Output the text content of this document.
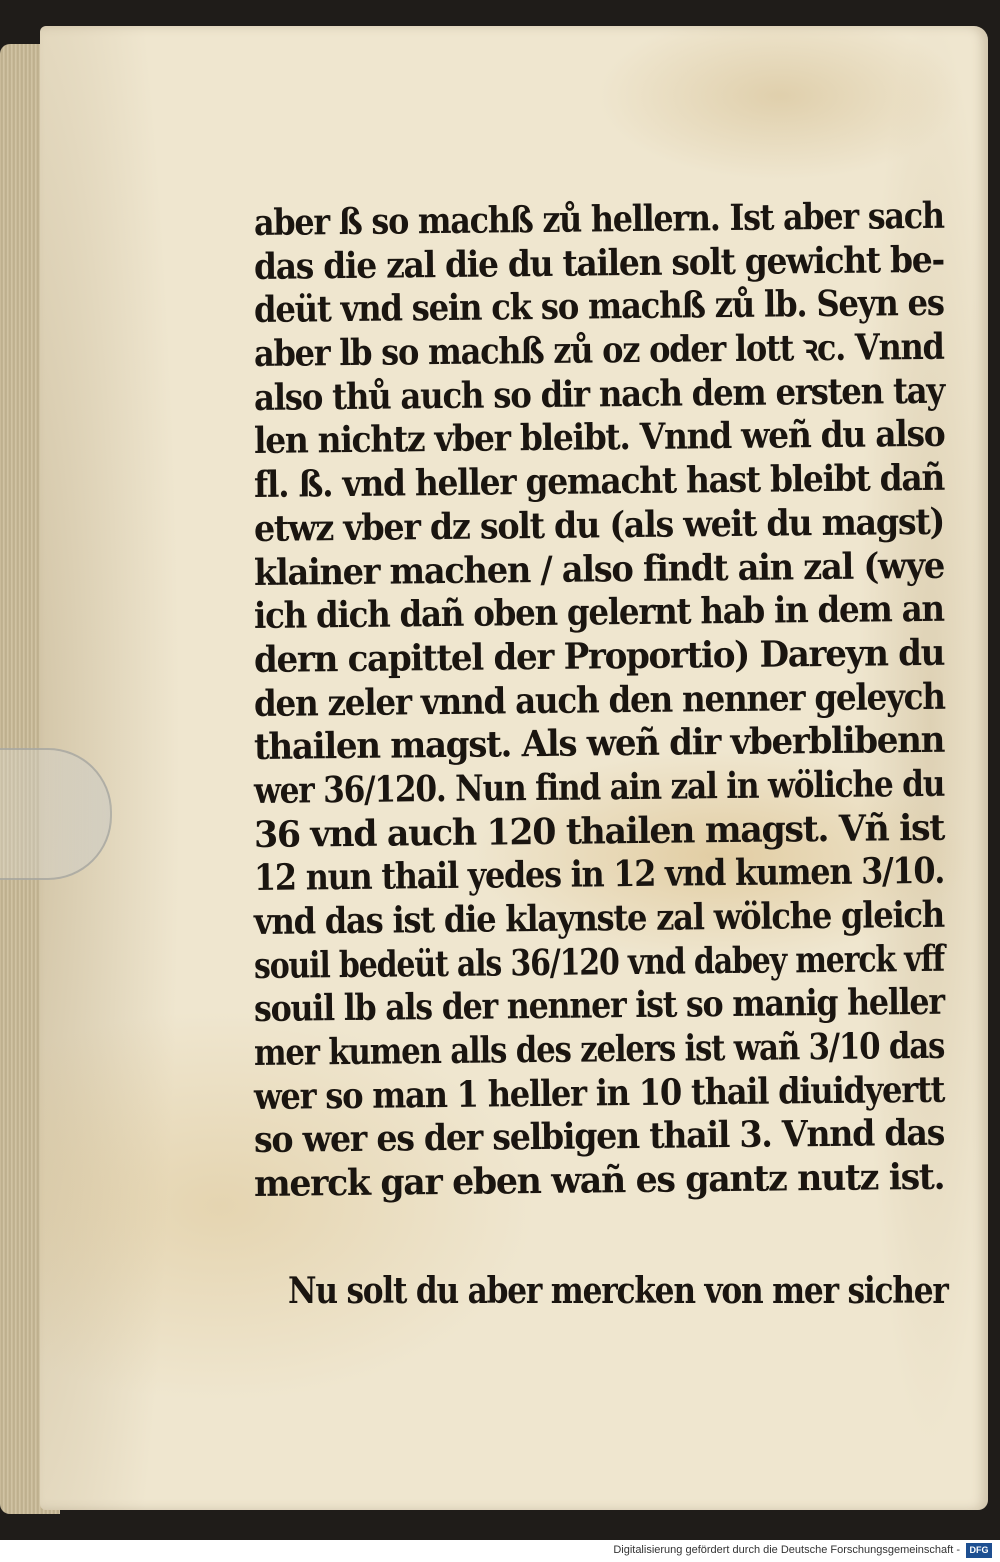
aber ß so machß zů hellern. Ist aber sach
das die zal die du tailen solt gewicht be-
deüt vnd sein ck so machß zů lb. Seyn es
aber lb so machß zů oz oder lott ꝛc. Vnnd
also thů auch so dir nach dem ersten tay
len nichtz vber bleibt. Vnnd weñ du also
fl. ß. vnd heller gemacht hast bleibt dañ
etwz vber dz solt du (als weit du magst)
klainer machen / also findt ain zal (wye
ich dich dañ oben gelernt hab in dem an
dern capittel der Proportio) Dareyn du
den zeler vnnd auch den nenner geleych
thailen magst. Als weñ dir vberblibenn
wer 36/120. Nun find ain zal in wöliche du
36 vnd auch 120 thailen magst. Vñ ist
12 nun thail yedes in 12 vnd kumen 3/10.
vnd das ist die klaynste zal wölche gleich
souil bedeüt als 36/120 vnd dabey merck vff
souil lb als der nenner ist so manig heller
mer kumen alls des zelers ist wañ 3/10 das
wer so man 1 heller in 10 thail diuidyertt
so wer es der selbigen thail 3. Vnnd das
merck gar eben wañ es gantz nutz ist.
Nu solt du aber mercken von mer sicher
Digitalisierung gefördert durch die Deutsche Forschungsgemeinschaft -	DFG
